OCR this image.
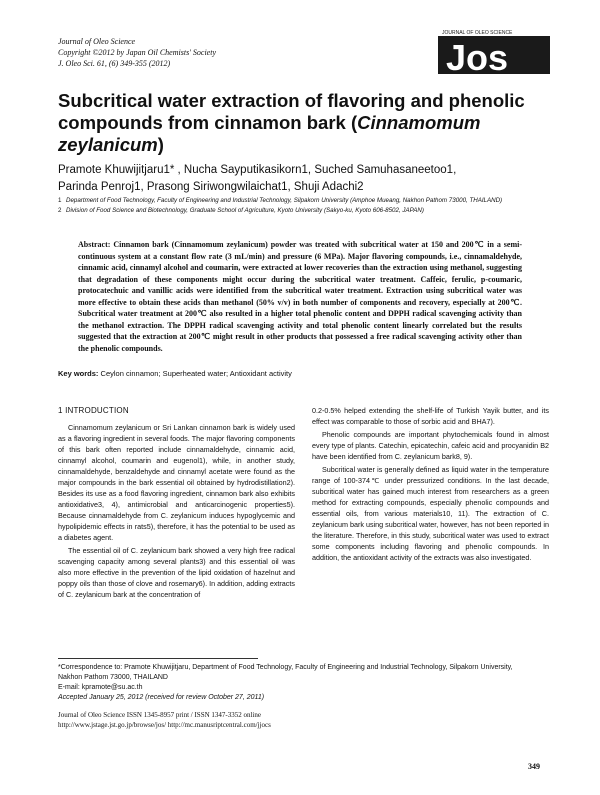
Journal of Oleo Science
Copyright ©2012 by Japan Oil Chemists' Society
J. Oleo Sci. 61, (6) 349-355 (2012)
JOURNAL OF OLEO SCIENCE
Jos
Subcritical water extraction of flavoring and phenolic compounds from cinnamon bark (Cinnamomum zeylanicum)
Pramote Khuwijitjaru1* , Nucha Sayputikasikorn1, Suched Samuhasaneetoo1,
Parinda Penroj1, Prasong Siriwongwilaichat1, Shuji Adachi2
1 Department of Food Technology, Faculty of Engineering and Industrial Technology, Silpakorn University (Amphoe Mueang, Nakhon Pathom 73000, THAILAND)
2 Division of Food Science and Biotechnology, Graduate School of Agriculture, Kyoto University (Sakyo-ku, Kyoto 606-8502, JAPAN)
Abstract: Cinnamon bark (Cinnamomum zeylanicum) powder was treated with subcritical water at 150 and 200℃ in a semi-continuous system at a constant flow rate (3 mL/min) and pressure (6 MPa). Major flavoring compounds, i.e., cinnamaldehyde, cinnamic acid, cinnamyl alcohol and coumarin, were extracted at lower recoveries than the extraction using methanol, suggesting that degradation of these components might occur during the subcritical water treatment. Caffeic, ferulic, p-coumaric, protocatechuic and vanillic acids were identified from the subcritical water treatment. Extraction using subcritical water was more effective to obtain these acids than methanol (50% v/v) in both number of components and recovery, especially at 200℃. Subcritical water treatment at 200℃ also resulted in a higher total phenolic content and DPPH radical scavenging activity than the methanol extraction. The DPPH radical scavenging activity and total phenolic content linearly correlated but the results suggested that the extraction at 200℃ might result in other products that possessed a free radical scavenging activity other than the phenolic compounds.
Key words: Ceylon cinnamon; Superheated water; Antioxidant activity
1 INTRODUCTION

Cinnamomum zeylanicum or Sri Lankan cinnamon bark is widely used as a flavoring ingredient in several foods. The major flavoring components of this bark often reported include cinnamaldehyde, cinnamic acid, cinnamyl alcohol, coumarin and eugenol1), while, in another study, cinnamaldehyde, benzaldehyde and cinnamyl acetate were found as the major compounds in the bark essential oil obtained by hydrodistillation2). Besides its use as a food flavoring ingredient, cinnamon bark also exhibits antioxidative3, 4), antimicrobial and anticarcinogenic properties5). Because cinnamaldehyde from C. zeylanicum induces hypoglycemic and hypolipidemic effects in rats5), therefore, it has the potential to be used as a diabetes agent.

The essential oil of C. zeylanicum bark showed a very high free radical scavenging capacity among several plants3) and this essential oil was also more effective in the prevention of the lipid oxidation of hazelnut and poppy oils than those of clove and rosemary6). In addition, adding extracts of C. zeylanicum bark at the concentration of

0.2-0.5% helped extending the shelf-life of Turkish Yayik butter, and its effect was comparable to those of sorbic acid and BHA7).

Phenolic compounds are important phytochemicals found in almost every type of plants. Catechin, epicatechin, cafeic acid and procyanidin B2 have been identified from C. zeylanicum bark8, 9).

Subcritical water is generally defined as liquid water in the temperature range of 100-374℃ under pressurized conditions. In the last decade, subcritical water has gained much interest from researchers as a green method for extracting compounds, especially phenolic compounds and essential oils, from various materials10, 11). The extraction of C. zeylanicum bark using subcritical water, however, has not been reported in the literature. Therefore, in this study, subcritical water was used to extract some components including flavoring and phenolic compounds. In addition, the antioxidant activity of the extracts was also investigated.

*Correspondence to: Pramote Khuwijitjaru, Department of Food Technology, Faculty of Engineering and Industrial Technology, Silpakorn University, Nakhon Pathom 73000, THAILAND
E-mail: kpramote@su.ac.th
Accepted January 25, 2012 (received for review October 27, 2011)
Journal of Oleo Science ISSN 1345-8957 print / ISSN 1347-3352 online
http://www.jstage.jst.go.jp/browse/jos/ http://mc.manusriptcentral.com/jjocs
349
